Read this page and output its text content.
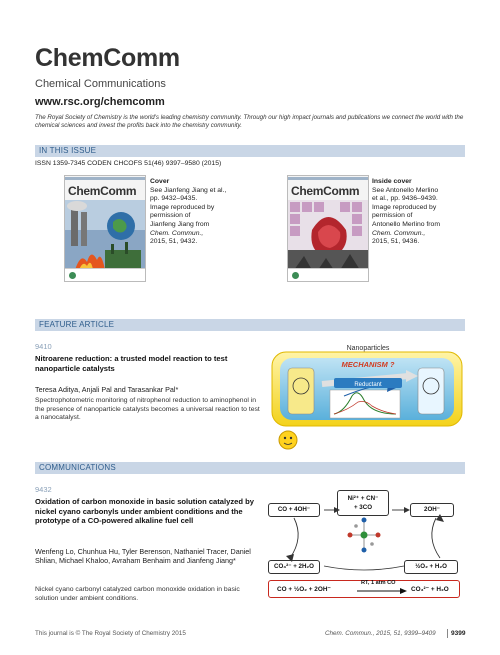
ChemComm
Chemical Communications
www.rsc.org/chemcomm
The Royal Society of Chemistry is the world’s leading chemistry community. Through our high impact journals and publications we connect the world with the chemical sciences and invest the profits back into the chemistry community.
IN THIS ISSUE
ISSN 1359-7345 CODEN CHCOFS 51(46) 9397–9580 (2015)
ChemComm
Cover
See Jianfeng Jiang et al.,
pp. 9432–9435.
Image reproduced by
permission of
Jianfeng Jiang from
Chem. Commun.,
2015, 51, 9432.
ChemComm
Inside cover
See Antonello Merlino
et al., pp. 9436–9439.
Image reproduced by
permission of
Antonello Merlino from
Chem. Commun.,
2015, 51, 9436.
FEATURE ARTICLE
9410
Nitroarene reduction: a trusted model reaction to test nanoparticle catalysts
Teresa Aditya, Anjali Pal and Tarasankar Pal*
Spectrophotometric monitoring of nitrophenol reduction to aminophenol in the presence of nanoparticle catalysts becomes a universal reaction to test a nanocatalyst.
Nanoparticles
MECHANISM ?
Reductant
COMMUNICATIONS
9432
Oxidation of carbon monoxide in basic solution catalyzed by nickel cyano carbonyls under ambient conditions and the prototype of a CO-powered alkaline fuel cell
Wenfeng Lo, Chunhua Hu, Tyler Berenson, Nathaniel Tracer, Daniel Shlian, Michael Khaloo, Avraham Benhaim and Jianfeng Jiang*
Nickel cyano carbonyl catalyzed carbon monoxide oxidation in basic solution under ambient conditions.
CO + 4OH⁻
Ni²⁺ + CN⁻
+ 3CO	2OH⁻
CO₃²⁻ + 2H₂O	½O₂ + H₂O
CO + ½O₂ + 2OH⁻
RT, 1 atm CO
CO₃²⁻ + H₂O
This journal is © The Royal Society of Chemistry 2015	Chem. Commun., 2015, 51, 9399–9409 9399
